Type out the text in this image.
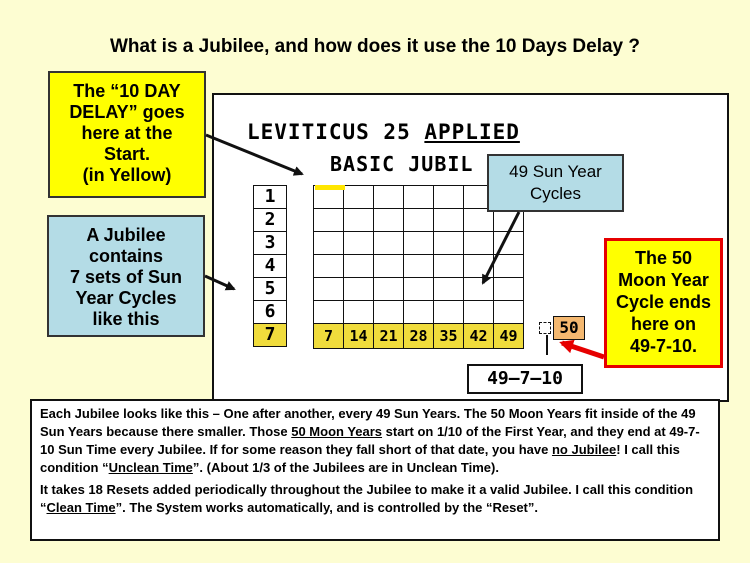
What is a Jubilee, and how does it use the 10 Days Delay ?
LEVITICUS 25 APPLIED
BASIC JUBIL
1
2
3
4
5
6
7

							7	14	21	28	35	42	49	50
49–7–10
The “10 DAY
DELAY” goes
here at the
Start.
(in Yellow)
A Jubilee
contains
7 sets of Sun
Year Cycles
like this
49 Sun Year
Cycles
The 50
Moon Year
Cycle ends
here on
49-7-10.

Each Jubilee looks like this – One after another, every 49 Sun Years. The 50 Moon Years fit inside of the 49 Sun Years because there smaller. Those 50 Moon Years start on 1/10 of the First Year, and they end at 49-7-10 Sun Time every Jubilee. If for some reason they fall short of that date, you have no Jubilee! I call this condition “Unclean Time”. (About 1/3 of the Jubilees are in Unclean Time).

It takes 18 Resets added periodically throughout the Jubilee to make it a valid Jubilee. I call this condition “Clean Time”. The System works automatically, and is controlled by the “Reset”.
